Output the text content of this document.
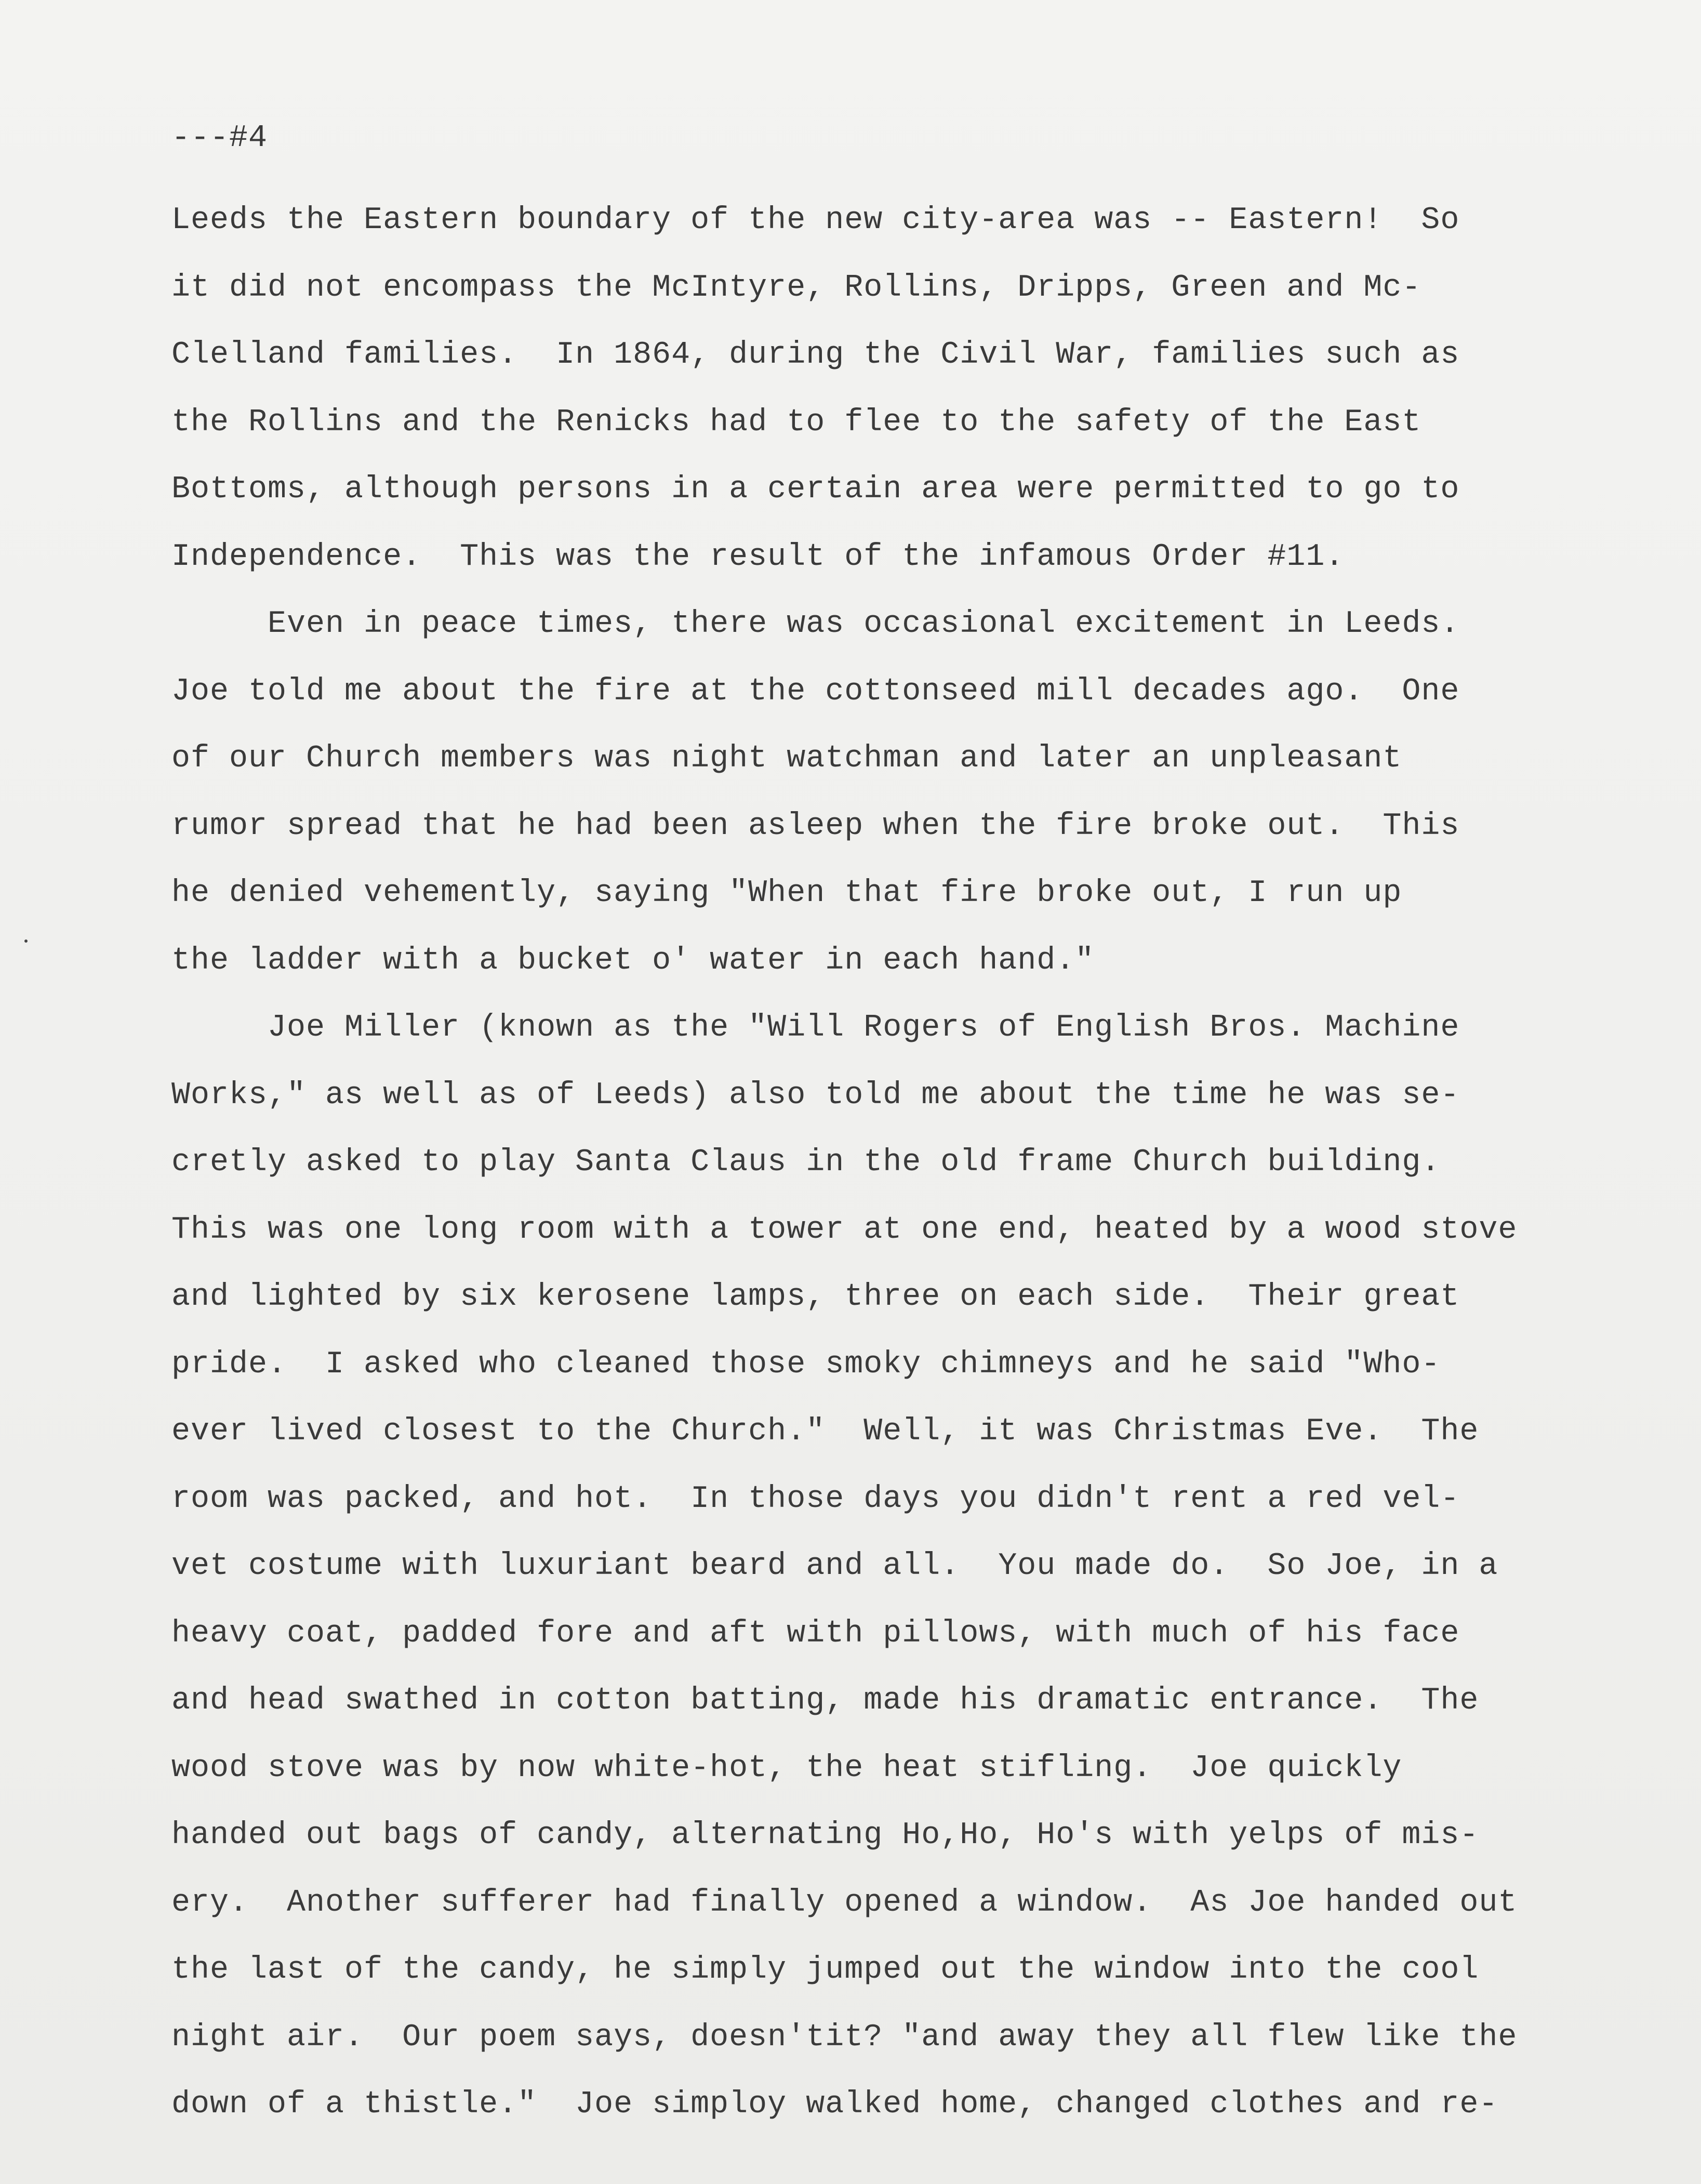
---#4
Leeds the Eastern boundary of the new city-area was -- Eastern!  So
it did not encompass the McIntyre, Rollins, Dripps, Green and Mc-
Clelland families.  In 1864, during the Civil War, families such as
the Rollins and the Renicks had to flee to the safety of the East
Bottoms, although persons in a certain area were permitted to go to
Independence.  This was the result of the infamous Order #11.
Even in peace times, there was occasional excitement in Leeds.
Joe told me about the fire at the cottonseed mill decades ago.  One
of our Church members was night watchman and later an unpleasant
rumor spread that he had been asleep when the fire broke out.  This
he denied vehemently, saying "When that fire broke out, I run up
the ladder with a bucket o' water in each hand."
Joe Miller (known as the "Will Rogers of English Bros. Machine
Works," as well as of Leeds) also told me about the time he was se-
cretly asked to play Santa Claus in the old frame Church building.
This was one long room with a tower at one end, heated by a wood stove
and lighted by six kerosene lamps, three on each side.  Their great
pride.  I asked who cleaned those smoky chimneys and he said "Who-
ever lived closest to the Church."  Well, it was Christmas Eve.  The
room was packed, and hot.  In those days you didn't rent a red vel-
vet costume with luxuriant beard and all.  You made do.  So Joe, in a
heavy coat, padded fore and aft with pillows, with much of his face
and head swathed in cotton batting, made his dramatic entrance.  The
wood stove was by now white-hot, the heat stifling.  Joe quickly
handed out bags of candy, alternating Ho,Ho, Ho's with yelps of mis-
ery.  Another sufferer had finally opened a window.  As Joe handed out
the last of the candy, he simply jumped out the window into the cool
night air.  Our poem says, doesn'tit? "and away they all flew like the
down of a thistle."  Joe simploy walked home, changed clothes and re-
